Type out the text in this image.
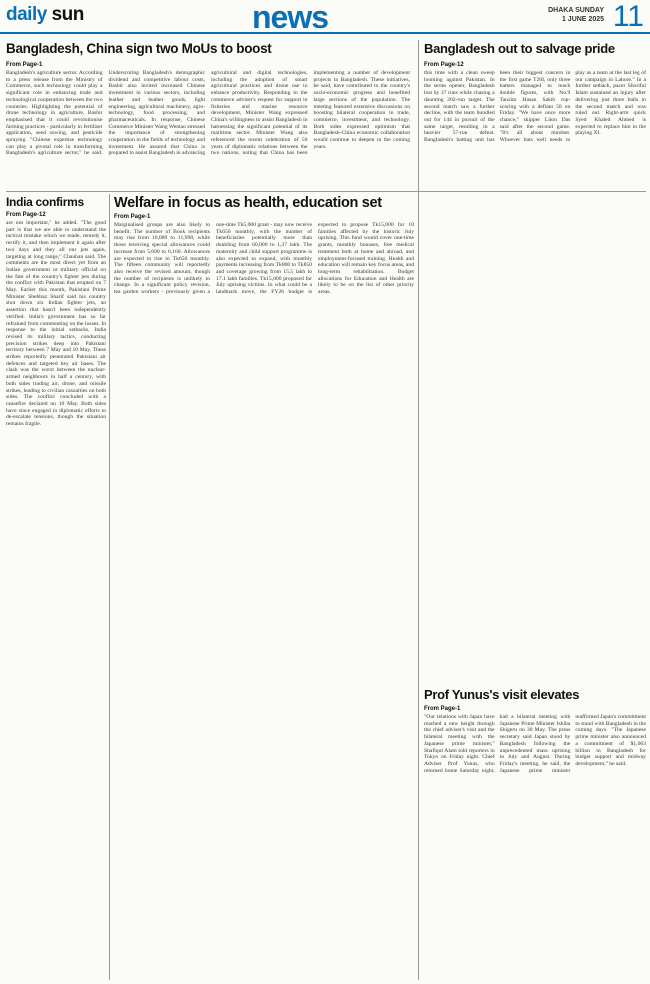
daily sun	news	DHAKA SUNDAY
1 JUNE 2025 11
Bangladesh, China sign two MoUs to boost
From Page-1
Bangladesh's agriculture sector. According to a press release from the Ministry of Commerce, such technology could play a significant role in enhancing trade and technological cooperation between the two countries. Highlighting the potential of drone technology in agriculture, Bashir emphasised that it could revolutionise farming practices - particularly in fertiliser application, seed sowing, and pesticide spraying. "Chinese expertise technology can play a pivotal role in transforming Bangladesh's agriculture sector," he said. Underscoring Bangladesh's demographic dividend and competitive labour costs, Bashir also invited increased Chinese investment in various sectors, including leather and leather goods, light engineering, agricultural machinery, agro-technology, food processing, and pharmaceuticals. In response, Chinese Commerce Minister Wang Wentao stressed the importance of strengthening cooperation in the fields of technology and investment. He assured that China is prepared to assist Bangladesh in advancing agricultural and digital technologies, including the adoption of smart agricultural practices and drone use to enhance productivity. Responding to the commerce adviser's request for support in fisheries and marine resource development, Minister Wang expressed China's willingness to assist Bangladesh in harnessing the significant potential of its maritime sector. Minister Wang also referenced the recent celebration of 50 years of diplomatic relations between the two nations, noting that China has been implementing a number of development projects in Bangladesh. These initiatives, he said, have contributed to the country's socio-economic progress and benefited large sections of the population. The meeting featured extensive discussions on boosting bilateral cooperation in trade, commerce, investment, and technology. Both sides expressed optimism that Bangladesh-China economic collaboration would continue to deepen in the coming years.
Bangladesh out to salvage pride
From Page-12
this time with a clean sweep looming against Pakistan. In the series opener, Bangladesh lost by 37 runs while chasing a daunting 202-run target. The second match saw a further decline, with the team bundled out for 144 in pursuit of the same target, resulting in a heavier 57-run defeat. Bangladesh's batting unit has been their biggest concern in the first game T20I, only three batters managed to reach double figures, with No.9 Tanzim Hasan Sakib top-scoring with a defiant 50 on Friday. "We have once more chance," skipper Liton Das said after the second game. "It's all about mindset. Whoever bats well needs to play as a team at the last leg of our campaign in Lahore." In a further setback, pacer Shoriful Islam sustained an injury after delivering just three balls in the second match and was ruled out. Right-arm quick Syed Khaled Ahmed is expected to replace him in the playing XI.
India confirms
From Page-12
are not important," he added. "The good part is that we are able to understand the tactical mistake which we made, remedy it, rectify it, and then implement it again after two days and they all our jets again, targeting at long range," Chauhan said. The comments are the most direct yet from an Indian government or military official on the fate of the country's fighter jets during the conflict with Pakistan that erupted on 7 May. Earlier this month, Pakistani Prime Minister Shehbaz Sharif said his country shot down six Indian fighter jets, an assertion that hasn't been independently verified. India's government has so far refrained from commenting on the losses. In response to the initial setbacks, India revised its military tactics, conducting precision strikes deep into Pakistani territory between 7 May and 10 May. These strikes reportedly penetrated Pakistani air defences and targeted key air bases. The clash was the worst between the nuclear-armed neighbours in half a century, with both sides trading air, drone, and missile strikes, leading to civilian casualties on both sides. The conflict concluded with a ceasefire declared on 10 May. Both sides have since engaged in diplomatic efforts to de-escalate tensions, though the situation remains fragile.
Welfare in focus as health, education set
From Page-1
Marginalised groups are also likely to benefit. The number of Book recipients may rise from 10,089 to 11,998, while those receiving special allowances could increase from 5,600 to 6,160. Allowances are expected to rise to Tk650 monthly. The fifteen community will reportedly also receive the revised amount, though the number of recipients is unlikely to change. In a significant policy revision, tea garden workers - previously given a one-time Tk5,000 grant - may now receive Tk650 monthly, with the number of beneficiaries potentially more than doubling from 60,000 to 1,37 lakh. The maternity and child support programme is also expected to expand, with monthly payments increasing from Tk800 to Tk850 and coverage growing from 15.5 lakh to 17.1 lakh families. Tk15,000 proposed for July uprising victims. In what could be a landmark move, the FY26 budget is expected to propose Tk15,000 for 10 families affected by the historic July uprising. This fund would cover one-time grants, monthly bonuses, free medical treatment both at home and abroad, and employment-focused training. Health and education will remain key focus areas, and long-term rehabilitation. Budget allocations for Education and Health are likely to be on the list of other priority areas.
Prof Yunus's visit elevates
From Page-1
"Our relations with Japan have reached a new height through the chief adviser's visit and the bilateral meeting with the Japanese prime minister," Shafiqul Alam told reporters in Tokyo on Friday night. Chief Adviser Prof Yunus, who returned home Saturday night, had a bilateral meeting with Japanese Prime Minister Ishiba Shigeru on 30 May. The press secretary said Japan stood by Bangladesh following the unprecedented mass uprising in July and August. During Friday's meeting, he said, the Japanese prime minister reaffirmed Japan's commitment to stand with Bangladesh in the coming days. "The Japanese prime minister also announced a commitment of $1,063 billion in Bangladesh for budget support and midway development," he said.
